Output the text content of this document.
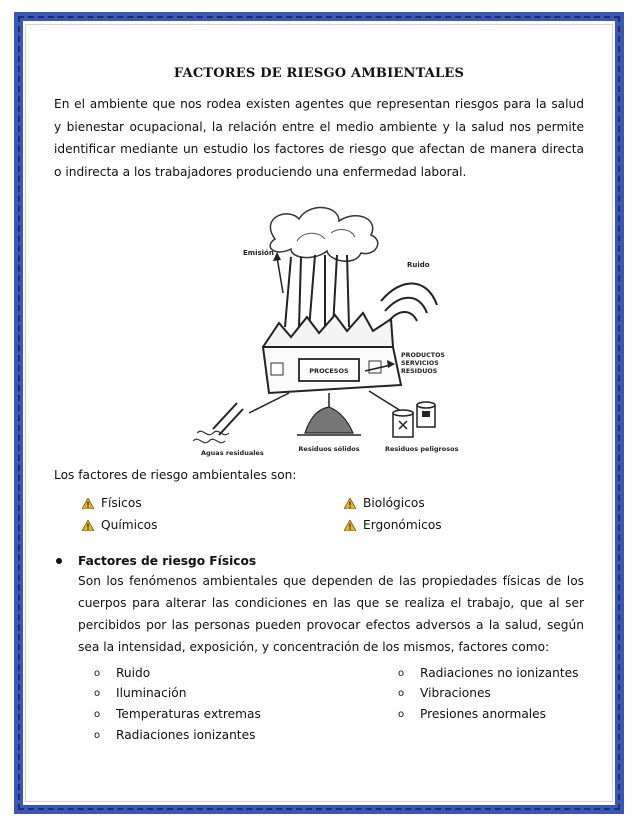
FACTORES DE RIESGO AMBIENTALES

En el ambiente que nos rodea existen agentes que representan riesgos para la salud y bienestar ocupacional, la relación entre el medio ambiente y la salud nos permite identificar mediante un estudio los factores de riesgo que afectan de manera directa o indirecta a los trabajadores produciendo una enfermedad laboral.

PROCESOS
Emisión
Ruido
PRODUCTOS
SERVICIOS
RESIDUOS
Aguas residuales	Residuos sólidos	Residuos peligrosos

Los factores de riesgo ambientales son:

Físicos
Químicos
Biológicos
Ergonómicos

Factores de riesgo Físicos

Son los fenómenos ambientales que dependen de las propiedades físicas de los cuerpos para alterar las condiciones en las que se realiza el trabajo, que al ser percibidos por las personas pueden provocar efectos adversos a la salud, según sea la intensidad, exposición, y concentración de los mismos, factores como:

o	Ruido
o	Iluminación
o	Temperaturas extremas
o	Radiaciones ionizantes
o	Radiaciones no ionizantes
o	Vibraciones
o	Presiones anormales
